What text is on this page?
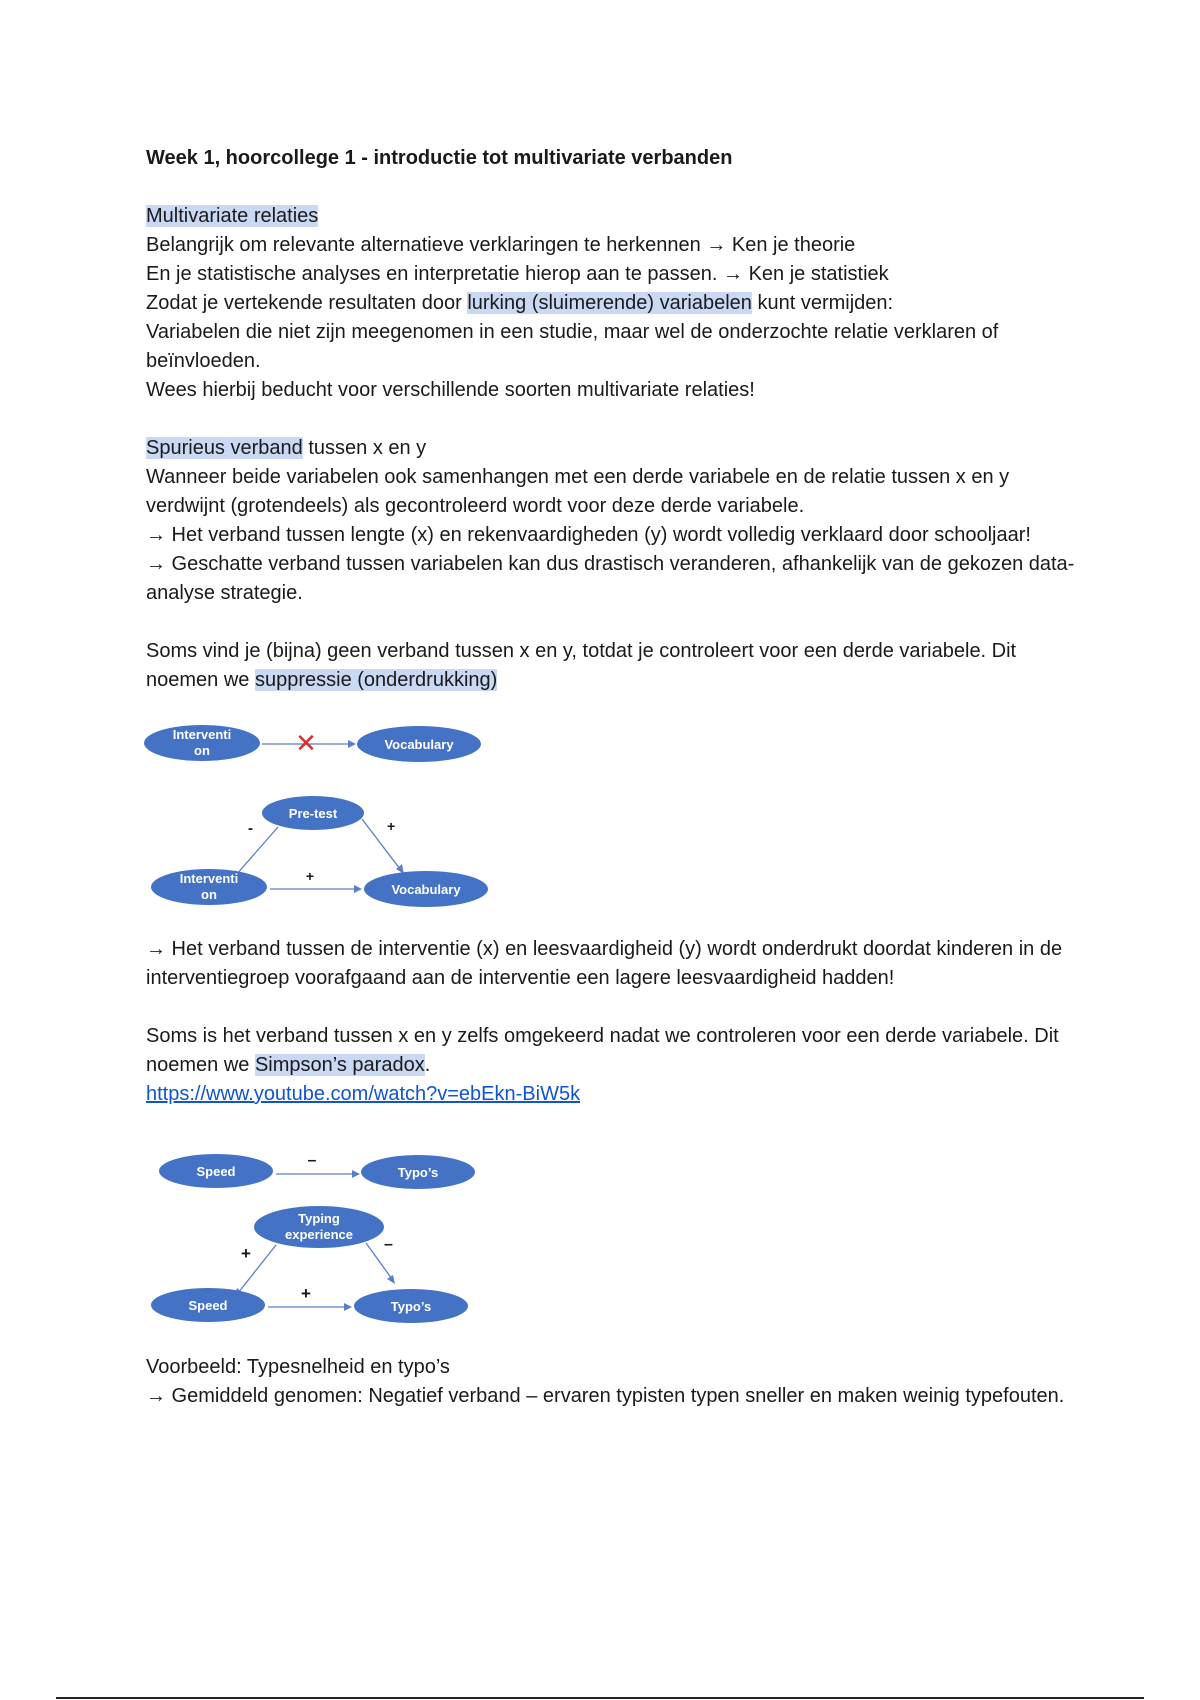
Week 1, hoorcollege 1 - introductie tot multivariate verbanden

Multivariate relaties

Belangrijk om relevante alternatieve verklaringen te herkennen → Ken je theorie

En je statistische analyses en interpretatie hierop aan te passen. → Ken je statistiek

Zodat je vertekende resultaten door lurking (sluimerende) variabelen kunt vermijden:

Variabelen die niet zijn meegenomen in een studie, maar wel de onderzochte relatie verklaren of beïnvloeden.

Wees hierbij beducht voor verschillende soorten multivariate relaties!

Spurieus verband tussen x en y

Wanneer beide variabelen ook samenhangen met een derde variabele en de relatie tussen x en y verdwijnt (grotendeels) als gecontroleerd wordt voor deze derde variabele.

→ Het verband tussen lengte (x) en rekenvaardigheden (y) wordt volledig verklaard door schooljaar!

→ Geschatte verband tussen variabelen kan dus drastisch veranderen, afhankelijk van de gekozen data- analyse strategie.

Soms vind je (bijna) geen verband tussen x en y, totdat je controleert voor een derde variabele. Dit noemen we suppressie (onderdrukking)

Interventi
on	✕	Vocabulary
Pre-test
-	+
Interventi
on
+
Vocabulary

→ Het verband tussen de interventie (x) en leesvaardigheid (y) wordt onderdrukt doordat kinderen in de interventiegroep voorafgaand aan de interventie een lagere leesvaardigheid hadden!

Soms is het verband tussen x en y zelfs omgekeerd nadat we controleren voor een derde variabele. Dit noemen we Simpson’s paradox.

https://www.youtube.com/watch?v=ebEkn-BiW5k

Speed
–
Typo’s
Typing
experience
+	–
Speed
+
Typo’s

Voorbeeld: Typesnelheid en typo’s

→ Gemiddeld genomen: Negatief verband – ervaren typisten typen sneller en maken weinig typefouten.
